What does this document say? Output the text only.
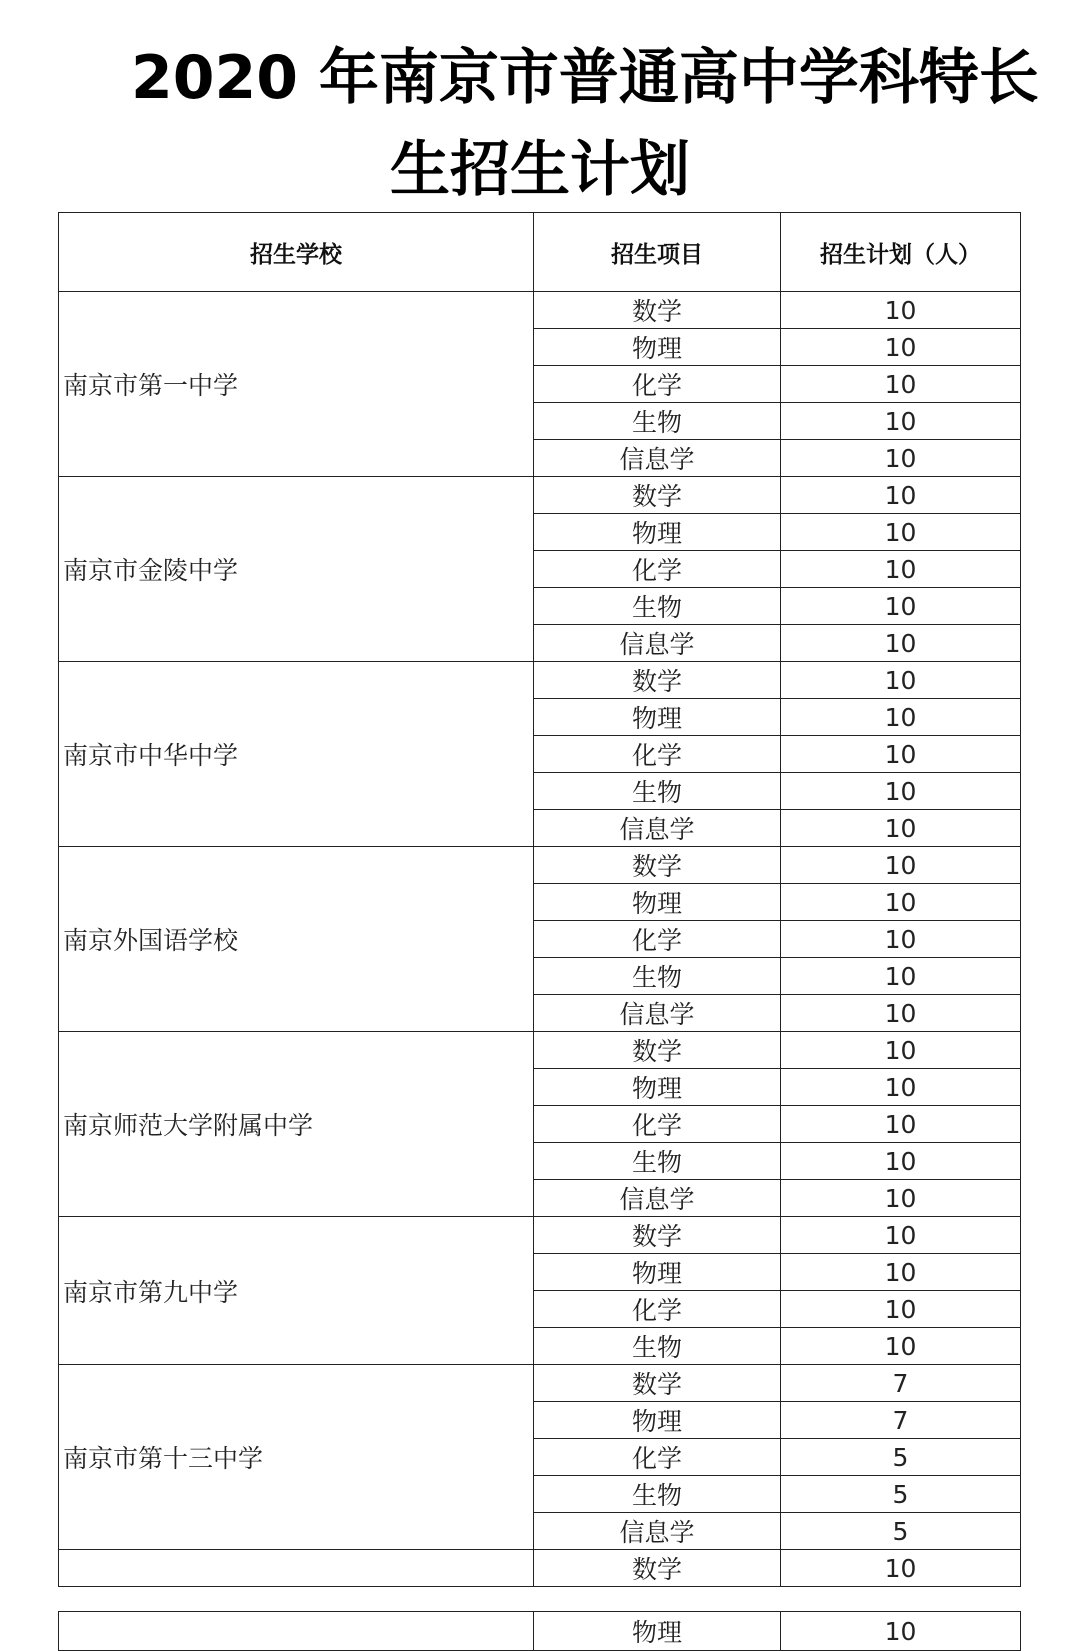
2020 年南京市普通高中学科特长
生招生计划
招生学校	招生项目	招生计划（人）
南京市第一中学	数学	10
	物理	10
	化学	10
	生物	10
	信息学	10
南京市金陵中学	数学	10
	物理	10
	化学	10
	生物	10
	信息学	10
南京市中华中学	数学	10
	物理	10
	化学	10
	生物	10
	信息学	10
南京外国语学校	数学	10
	物理	10
	化学	10
	生物	10
	信息学	10
南京师范大学附属中学	数学	10
	物理	10
	化学	10
	生物	10
	信息学	10
南京市第九中学	数学	10
	物理	10
	化学	10
	生物	10
南京市第十三中学	数学	7
	物理	7
	化学	5
	生物	5
	信息学	5
	数学	10
	物理	10
